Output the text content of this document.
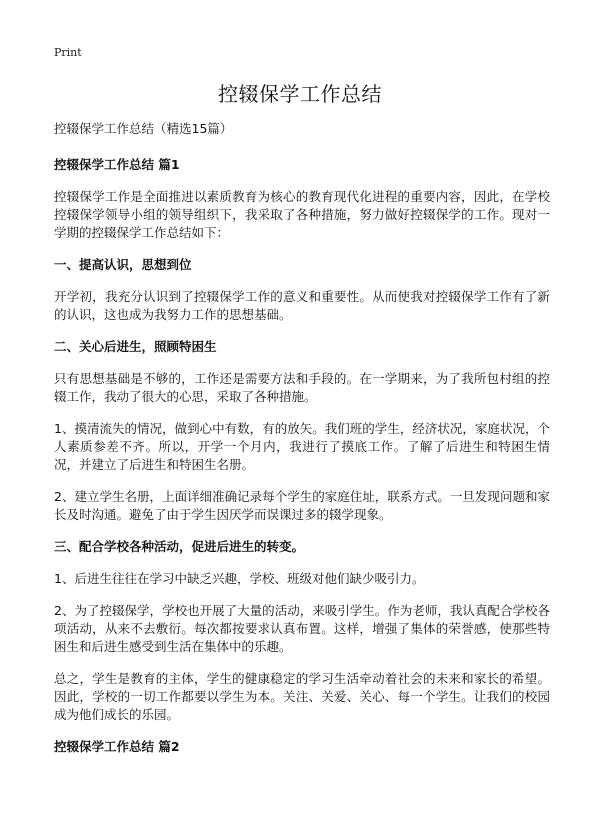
Print
控辍保学工作总结

控辍保学工作总结（精选15篇）

控辍保学工作总结 篇1

控辍保学工作是全面推进以素质教育为核心的教育现代化进程的重要内容，因此，在学校控辍保学领导小组的领导组织下，我采取了各种措施，努力做好控辍保学的工作。现对一学期的控辍保学工作总结如下：

一、提高认识，思想到位

开学初，我充分认识到了控辍保学工作的意义和重要性。从而使我对控辍保学工作有了新的认识，这也成为我努力工作的思想基础。

二、关心后进生，照顾特困生

只有思想基础是不够的，工作还是需要方法和手段的。在一学期来，为了我所包村组的控辍工作，我动了很大的心思，采取了各种措施。

1、摸清流失的情况，做到心中有数，有的放矢。我们班的学生，经济状况，家庭状况，个人素质参差不齐。所以，开学一个月内，我进行了摸底工作。了解了后进生和特困生情况，并建立了后进生和特困生名册。

2、建立学生名册，上面详细准确记录每个学生的家庭住址，联系方式。一旦发现问题和家长及时沟通。避免了由于学生因厌学而误课过多的辍学现象。

三、配合学校各种活动，促进后进生的转变。

1、后进生往往在学习中缺乏兴趣，学校、班级对他们缺少吸引力。

2、为了控辍保学，学校也开展了大量的活动，来吸引学生。作为老师，我认真配合学校各项活动，从来不去敷衍。每次都按要求认真布置。这样，增强了集体的荣誉感，使那些特困生和后进生感受到生活在集体中的乐趣。

总之，学生是教育的主体，学生的健康稳定的学习生活牵动着社会的未来和家长的希望。因此，学校的一切工作都要以学生为本。关注、关爱、关心、每一个学生。让我们的校园成为他们成长的乐园。

控辍保学工作总结 篇2
